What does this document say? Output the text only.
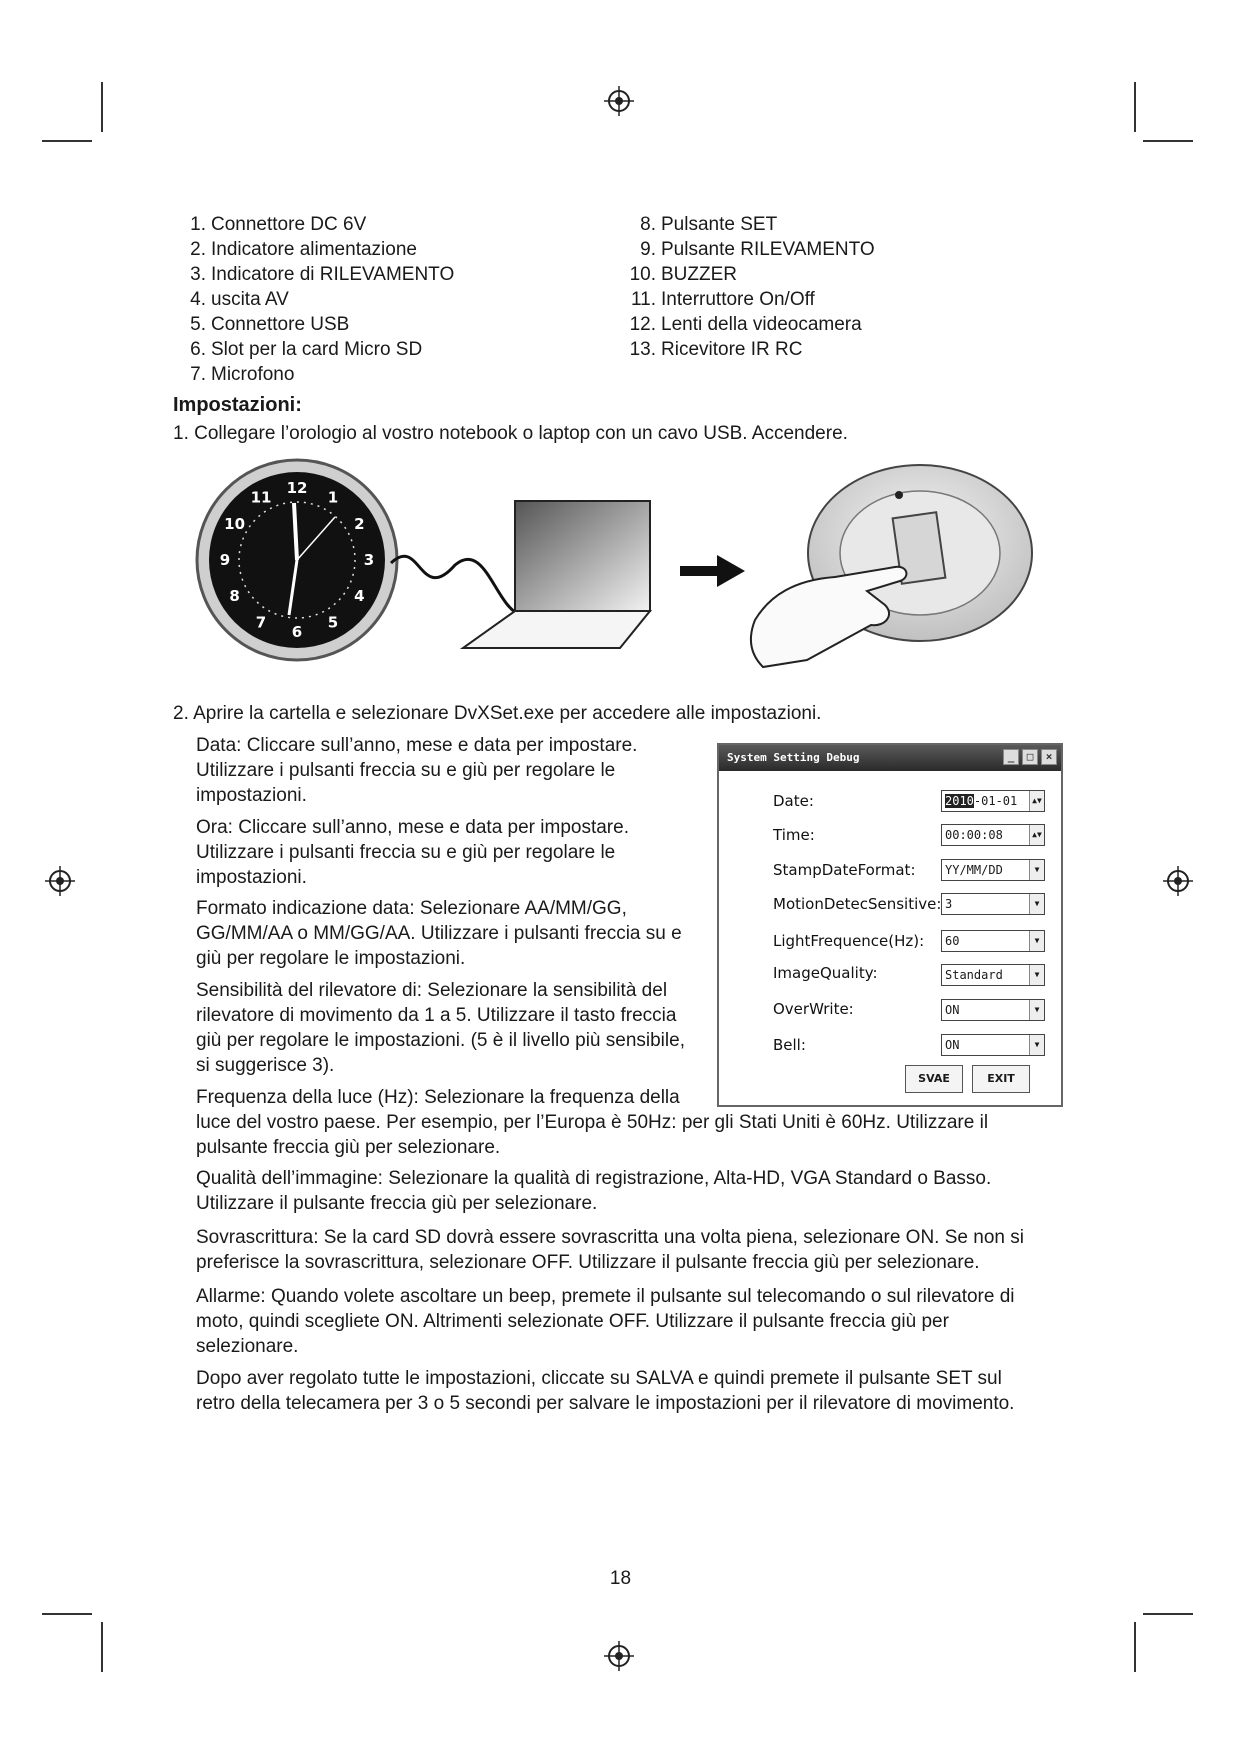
1. Connettore DC 6V
2. Indicatore alimentazione
3. Indicatore di RILEVAMENTO
4. uscita AV
5. Connettore USB
6. Slot per la card Micro SD
7. Microfono
8. Pulsante SET
9. Pulsante RILEVAMENTO
10. BUZZER
11. Interruttore On/Off
12. Lenti della videocamera
13. Ricevitore IR RC
Impostazioni:
1. Collegare l’orologio al vostro notebook o laptop con un cavo USB. Accendere.
12
1
2
3
4
5
6
7
8
9
10
11
2. Aprire la cartella e selezionare DvXSet.exe per accedere alle impostazioni.
Data: Cliccare sull’anno, mese e data per impostare.
Utilizzare i pulsanti freccia su e giù per regolare le
impostazioni.
Ora: Cliccare sull’anno, mese e data per impostare.
Utilizzare i pulsanti freccia su e giù per regolare le
impostazioni.
Formato indicazione data: Selezionare AA/MM/GG,
GG/MM/AA o MM/GG/AA. Utilizzare i pulsanti freccia su e
giù per regolare le impostazioni.
Sensibilità del rilevatore di: Selezionare la sensibilità del
rilevatore di movimento da 1 a 5. Utilizzare il tasto freccia
giù per regolare le impostazioni. (5 è il livello più sensibile,
si suggerisce 3).
Frequenza della luce (Hz): Selezionare la frequenza della
luce del vostro paese. Per esempio, per l’Europa è 50Hz: per gli Stati Uniti è 60Hz. Utilizzare il
pulsante freccia giù per selezionare.
Qualità dell’immagine: Selezionare la qualità di registrazione, Alta-HD, VGA Standard o Basso.
Utilizzare il pulsante freccia giù per selezionare.
Sovrascrittura: Se la card SD dovrà essere sovrascritta una volta piena, selezionare ON. Se non si
preferisce la sovrascrittura, selezionare OFF. Utilizzare il pulsante freccia giù per selezionare.
Allarme: Quando volete ascoltare un beep, premete il pulsante sul telecomando o sul rilevatore di
moto, quindi scegliete ON. Altrimenti selezionate OFF. Utilizzare il pulsante freccia giù per
selezionare.
Dopo aver regolato tutte le impostazioni, cliccate su SALVA e quindi premete il pulsante SET sul
retro della telecamera per 3 o 5 secondi per salvare le impostazioni per il rilevatore di movimento.
System Setting Debug	_	□	×
Date:	2010-01-01	▲▼
Time:	00:00:08	▲▼
StampDateFormat:	YY/MM/DD	▼
MotionDetecSensitive: 3	▼
LightFrequence(Hz):	60	▼
ImageQuality:	Standard	▼
OverWrite:	ON	▼
Bell:	ON	▼
SVAE	EXIT
18
